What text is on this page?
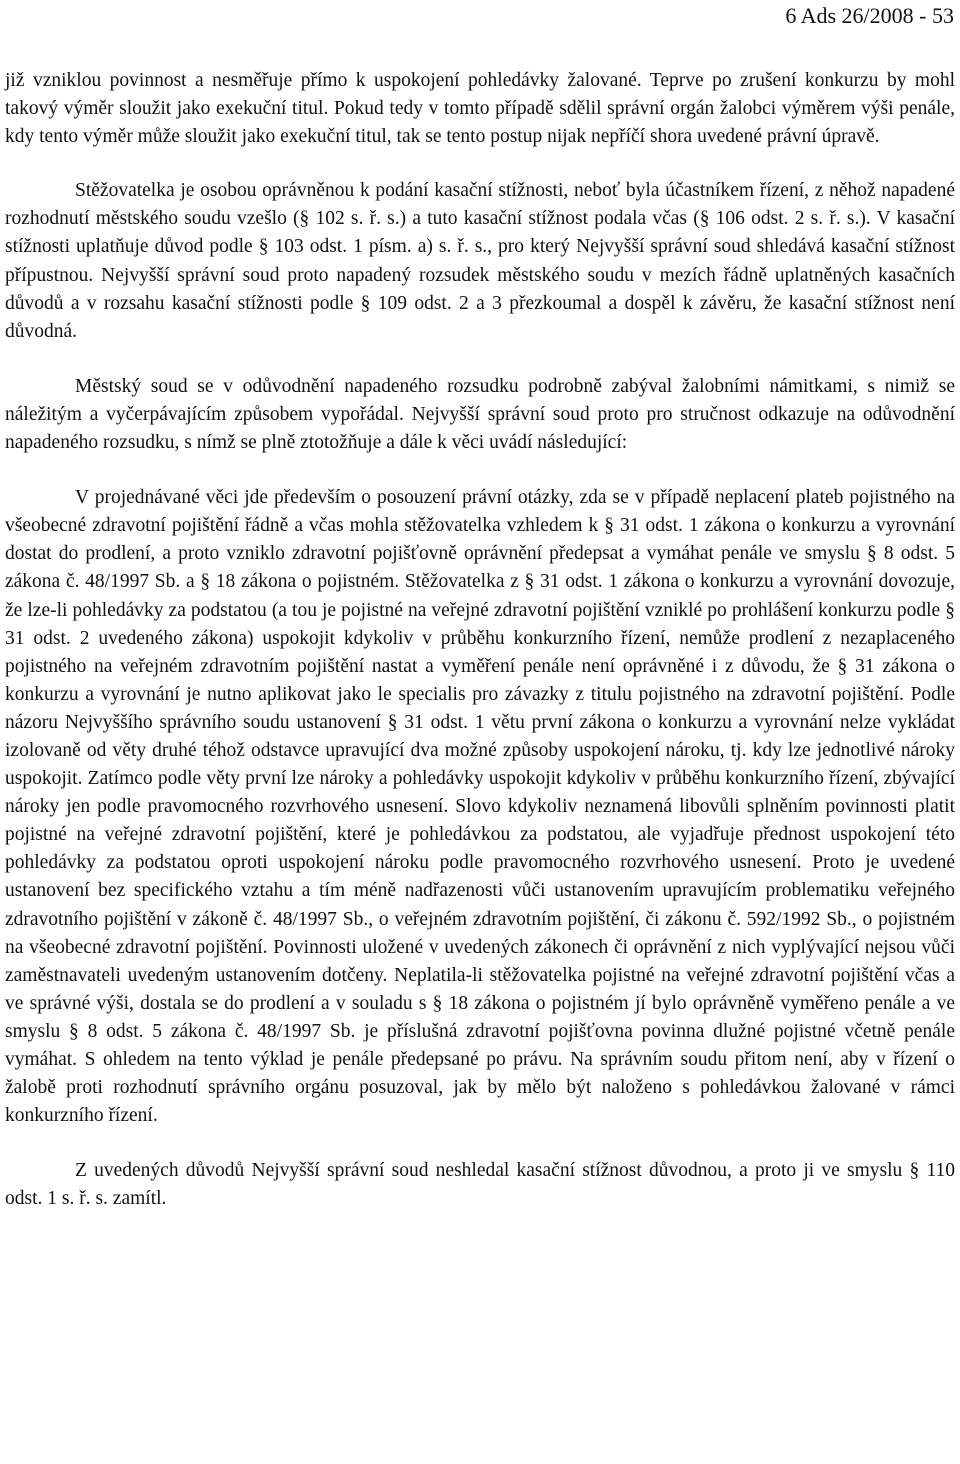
6 Ads 26/2008 - 53

již vznikl​ou povinnost a nesměřuje přímo k uspokojení pohledávky žalované. Teprve po zrušení konkurzu by mohl takový výměr sloužit jako exekuční titul. Pokud tedy v tomto případě sdělil správní orgán žalobci výměrem výši penále, kdy tento výměr může sloužit jako exekuční titul, tak se tento postup nijak nepříčí shora uvedené právní úpravě.

Stěžovatelka je osobou oprávněnou k podání kasační stížnosti, neboť byla účastníkem řízení, z něhož napadené rozhodnutí městského soudu vzešlo (§ 102 s. ř. s.) a tuto kasační stížnost podala včas (§ 106 odst. 2 s. ř. s.). V kasační stížnosti uplatňuje důvod podle § 103 odst. 1 písm. a) s. ř. s., pro který Nejvyšší správní soud shledává kasační stížnost přípustnou. Nejvyšší správní soud proto napadený rozsudek městského soudu v mezích řádně uplatněných kasačních důvodů a v rozsahu kasační stížnosti podle § 109 odst. 2 a 3 přezkoumal a dospěl k závěru, že kasační stížnost není důvodná.

Městský soud se v odůvodnění napadeného rozsudku podrobně zabýval žalobními námitkami, s nimiž se náležitým a vyčerpávajícím způsobem vypořádal. Nejvyšší správní soud proto pro stručnost odkazuje na odůvodnění napadeného rozsudku, s nímž se plně ztotožňuje a dále k věci uvádí následující:

V projednávané věci jde především o posouzení právní otázky, zda se v případě neplacení plateb pojistného na všeobecné zdravotní pojištění řádně a včas mohla stěžovatelka vzhledem k § 31 odst. 1 zákona o konkurzu a vyrovnání dostat do prodlení, a proto vzniklo zdravotní pojišťovně oprávnění předepsat a vymáhat penále ve smyslu § 8 odst. 5 zákona č. 48/1997 Sb. a § 18 zákona o pojistném. Stěžovatelka z § 31 odst. 1 zákona o konkurzu a vyrovnání dovozuje, že lze-li pohledávky za podstatou (a tou je pojistné na veřejné zdravotní pojištění vzniklé po prohlášení konkurzu podle § 31 odst. 2 uvedeného zákona) uspokojit kdykoliv v průběhu konkurzního řízení, nemůže prodlení z nezaplaceného pojistného na veřejném zdravotním pojištění nastat a vyměření penále není oprávněné i z důvodu, že § 31 zákona o konkurzu a vyrovnání je nutno aplikovat jako le specialis pro závazky z titulu pojistného na zdravotní pojištění. Podle názoru Nejvyššího správního soudu ustanovení § 31 odst. 1 větu první zákona o konkurzu a vyrovnání nelze vykládat izolovaně od věty druhé téhož odstavce upravující dva možné způsoby uspokojení nároku, tj. kdy lze jednotlivé nároky uspokojit. Zatímco podle věty první lze nároky a pohledávky uspokojit kdykoliv v průběhu konkurzního řízení, zbývající nároky jen podle pravomocného rozvrhového usnesení. Slovo kdykoliv neznamená libovůli splněním povinnosti platit pojistné na veřejné zdravotní pojištění, které je pohledávkou za podstatou, ale vyjadřuje přednost uspokojení této pohledávky za podstatou oproti uspokojení nároku podle pravomocného rozvrhového usnesení. Proto je uvedené ustanovení bez specifického vztahu a tím méně nadřazenosti vůči ustanovením upravujícím problematiku veřejného zdravotního pojištění v zákoně č. 48/1997 Sb., o veřejném zdravotním pojištění, či zákonu č. 592/1992 Sb., o pojistném na všeobecné zdravotní pojištění. Povinnosti uložené v uvedených zákonech či oprávnění z nich vyplývající nejsou vůči zaměstnavateli uvedeným ustanovením dotčeny. Neplatila-li stěžovatelka pojistné na veřejné zdravotní pojištění včas a ve správné výši, dostala se do prodlení a v souladu s § 18 zákona o pojistném jí bylo oprávněně vyměřeno penále a ve smyslu § 8 odst. 5 zákona č. 48/1997 Sb. je příslušná zdravotní pojišťovna povinna dlužné pojistné včetně penále vymáhat. S ohledem na tento výklad je penále předepsané po právu. Na správním soudu přitom není, aby v řízení o žalobě proti rozhodnutí správního orgánu posuzoval, jak by mělo být naloženo s pohledávkou žalované v rámci konkurzního řízení.

Z uvedených důvodů Nejvyšší správní soud neshledal kasační stížnost důvodnou, a proto ji ve smyslu § 110 odst. 1 s. ř. s. zamítl.
